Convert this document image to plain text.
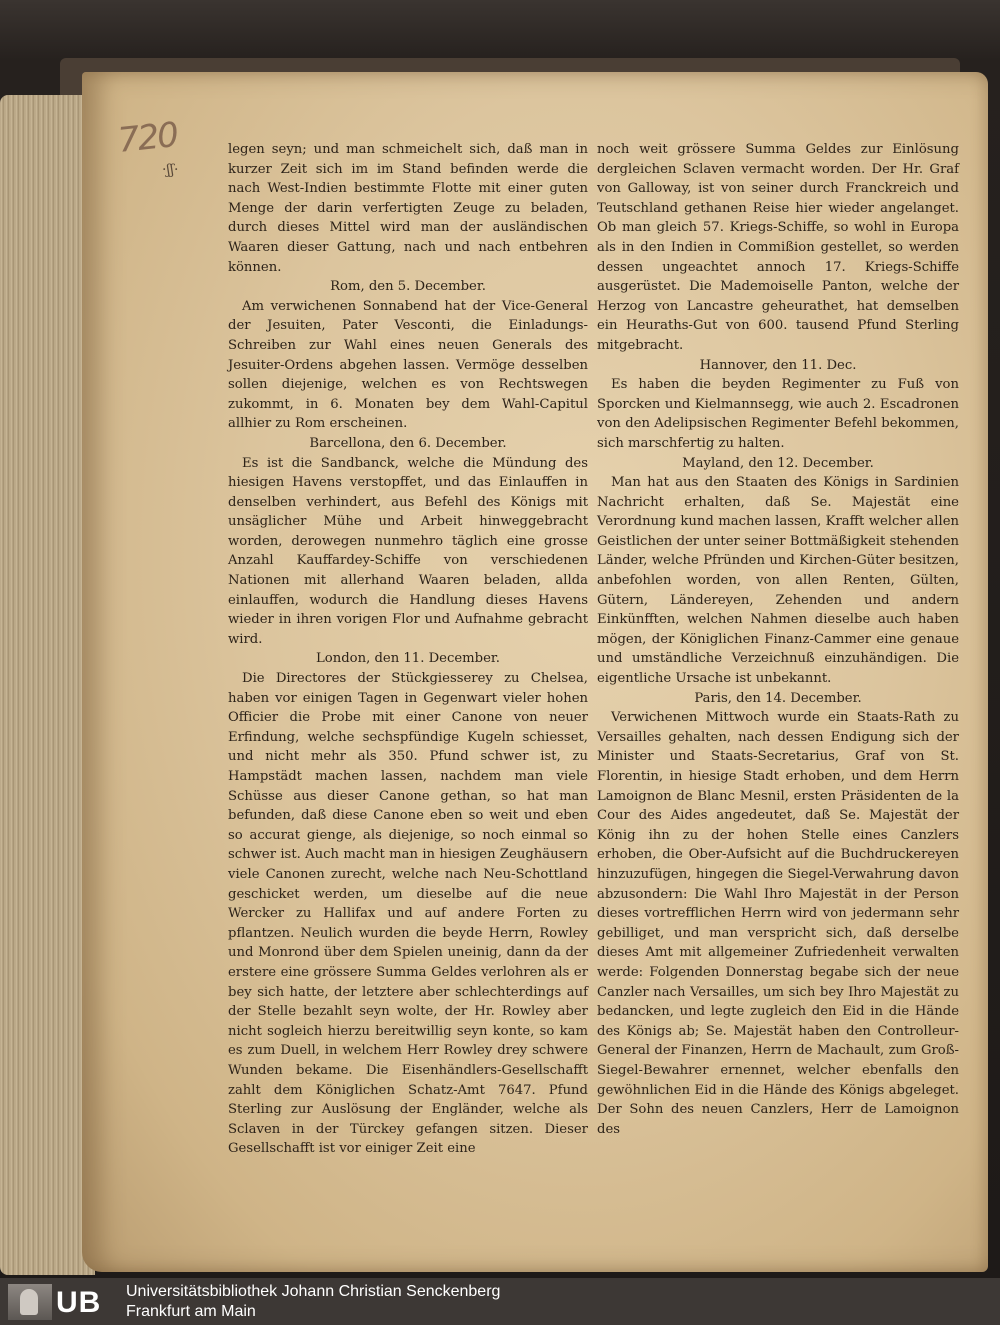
720
·ʃʃ·

legen seyn; und man schmeichelt sich, daß man in kurzer Zeit sich im im Stand befinden werde die nach West-Indien bestimmte Flotte mit einer guten Menge der darin verfertigten Zeuge zu beladen, durch dieses Mittel wird man der ausländischen Waaren dieser Gattung, nach und nach entbehren können.

Rom, den 5. December.

Am verwichenen Sonnabend hat der Vice-General der Jesuiten, Pater Vesconti, die Einladungs-Schreiben zur Wahl eines neuen Generals des Jesuiter-Ordens abgehen lassen. Vermöge desselben sollen diejenige, welchen es von Rechtswegen zukommt, in 6. Monaten bey dem Wahl-Capitul allhier zu Rom erscheinen.

Barcellona, den 6. December.

Es ist die Sandbanck, welche die Mündung des hiesigen Havens verstopffet, und das Einlauffen in denselben verhindert, aus Befehl des Königs mit unsäglicher Mühe und Arbeit hinweggebracht worden, derowegen nunmehro täglich eine grosse Anzahl Kauffardey-Schiffe von verschiedenen Nationen mit allerhand Waaren beladen, allda einlauffen, wodurch die Handlung dieses Havens wieder in ihren vorigen Flor und Aufnahme gebracht wird.

London, den 11. December.

Die Directores der Stückgiesserey zu Chelsea, haben vor einigen Tagen in Gegenwart vieler hohen Officier die Probe mit einer Canone von neuer Erfindung, welche sechspfündige Kugeln schiesset, und nicht mehr als 350. Pfund schwer ist, zu Hampstädt machen lassen, nachdem man viele Schüsse aus dieser Canone gethan, so hat man befunden, daß diese Canone eben so weit und eben so accurat gienge, als diejenige, so noch einmal so schwer ist. Auch macht man in hiesigen Zeughäusern viele Canonen zurecht, welche nach Neu-Schottland geschicket werden, um dieselbe auf die neue Wercker zu Hallifax und auf andere Forten zu pflantzen. Neulich wurden die beyde Herrn, Rowley und Monrond über dem Spielen uneinig, dann da der erstere eine grössere Summa Geldes verlohren als er bey sich hatte, der letztere aber schlechterdings auf der Stelle bezahlt seyn wolte, der Hr. Rowley aber nicht sogleich hierzu bereitwillig seyn konte, so kam es zum Duell, in welchem Herr Rowley drey schwere Wunden bekame. Die Eisenhändlers-Gesellschafft zahlt dem Königlichen Schatz-Amt 7647. Pfund Sterling zur Auslösung der Engländer, welche als Sclaven in der Türckey gefangen sitzen. Dieser Gesellschafft ist vor einiger Zeit eine

noch weit grössere Summa Geldes zur Einlösung dergleichen Sclaven vermacht worden. Der Hr. Graf von Galloway, ist von seiner durch Franckreich und Teutschland gethanen Reise hier wieder angelanget. Ob man gleich 57. Kriegs-Schiffe, so wohl in Europa als in den Indien in Commißion gestellet, so werden dessen ungeachtet annoch 17. Kriegs-Schiffe ausgerüstet. Die Mademoiselle Panton, welche der Herzog von Lancastre geheurathet, hat demselben ein Heuraths-Gut von 600. tausend Pfund Sterling mitgebracht.

Hannover, den 11. Dec.

Es haben die beyden Regimenter zu Fuß von Sporcken und Kielmannsegg, wie auch 2. Escadronen von den Adelipsischen Regimenter Befehl bekommen, sich marschfertig zu halten.

Mayland, den 12. December.

Man hat aus den Staaten des Königs in Sardinien Nachricht erhalten, daß Se. Majestät eine Verordnung kund machen lassen, Krafft welcher allen Geistlichen der unter seiner Bottmäßigkeit stehenden Länder, welche Pfründen und Kirchen-Güter besitzen, anbefohlen worden, von allen Renten, Gülten, Gütern, Ländereyen, Zehenden und andern Einkünfften, welchen Nahmen dieselbe auch haben mögen, der Königlichen Finanz-Cammer eine genaue und umständliche Verzeichnuß einzuhändigen. Die eigentliche Ursache ist unbekannt.

Paris, den 14. December.

Verwichenen Mittwoch wurde ein Staats-Rath zu Versailles gehalten, nach dessen Endigung sich der Minister und Staats-Secretarius, Graf von St. Florentin, in hiesige Stadt erhoben, und dem Herrn Lamoignon de Blanc Mesnil, ersten Präsidenten de la Cour des Aides angedeutet, daß Se. Majestät der König ihn zu der hohen Stelle eines Canzlers erhoben, die Ober-Aufsicht auf die Buchdruckereyen hinzuzufügen, hingegen die Siegel-Verwahrung davon abzusondern: Die Wahl Ihro Majestät in der Person dieses vortrefflichen Herrn wird von jedermann sehr gebilliget, und man verspricht sich, daß derselbe dieses Amt mit allgemeiner Zufriedenheit verwalten werde: Folgenden Donnerstag begabe sich der neue Canzler nach Versailles, um sich bey Ihro Majestät zu bedancken, und legte zugleich den Eid in die Hände des Königs ab; Se. Majestät haben den Controlleur-General der Finanzen, Herrn de Machault, zum Groß-Siegel-Bewahrer ernennet, welcher ebenfalls den gewöhnlichen Eid in die Hände des Königs abgeleget. Der Sohn des neuen Canzlers, Herr de Lamoignon des

UB Universitätsbibliothek Johann Christian Senckenberg
Frankfurt am Main
